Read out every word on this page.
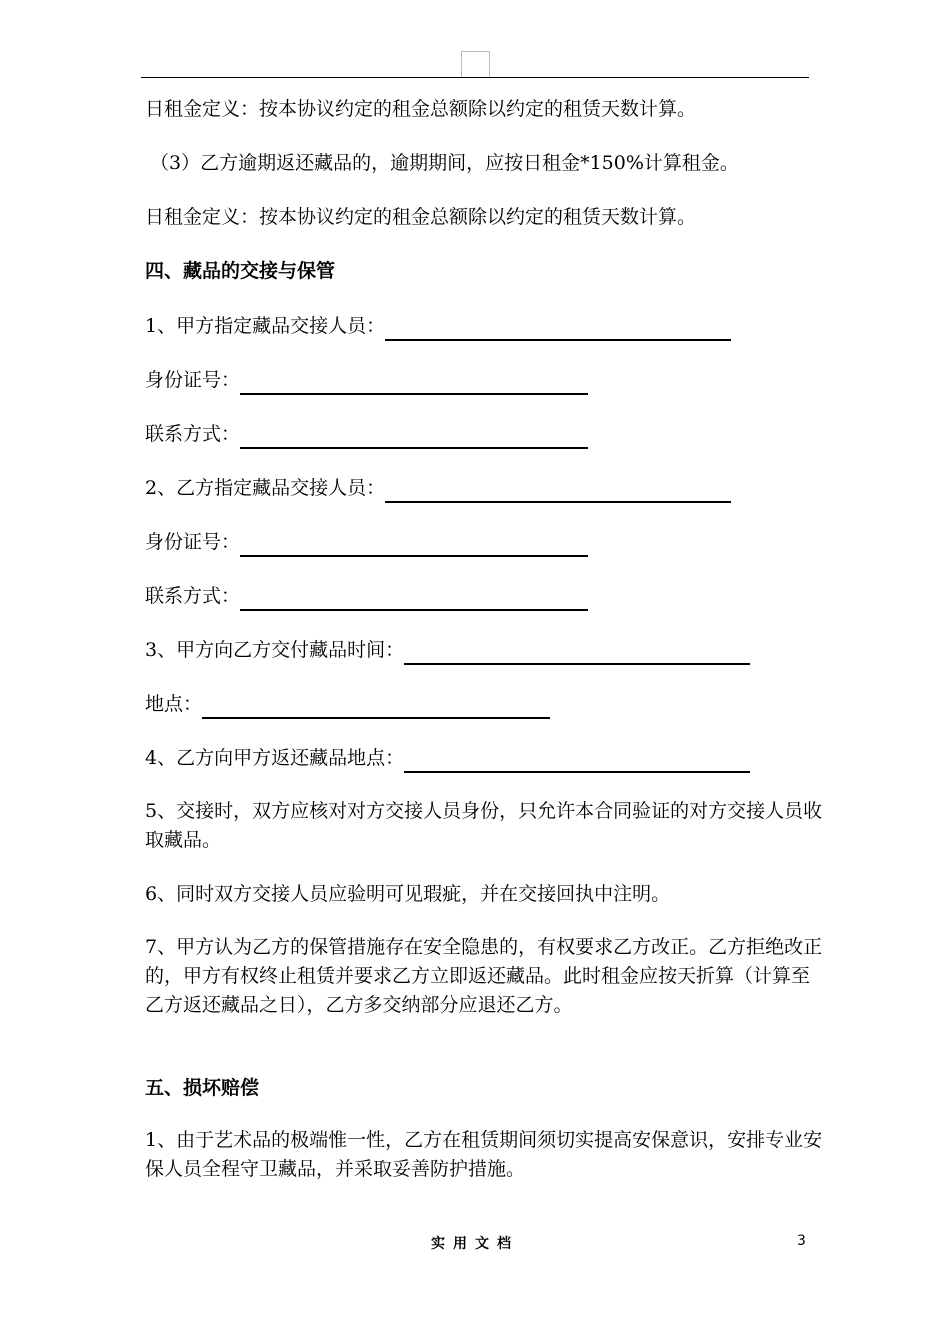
日租金定义：按本协议约定的租金总额除以约定的租赁天数计算。
（3）乙方逾期返还藏品的，逾期期间，应按日租金*150%计算租金。
日租金定义：按本协议约定的租金总额除以约定的租赁天数计算。
四、藏品的交接与保管
1、甲方指定藏品交接人员：
身份证号：
联系方式：
2、乙方指定藏品交接人员：
身份证号：
联系方式：
3、甲方向乙方交付藏品时间：
地点：
4、乙方向甲方返还藏品地点：
5、交接时，双方应核对对方交接人员身份，只允许本合同验证的对方交接人员收取藏品。
6、同时双方交接人员应验明可见瑕疵，并在交接回执中注明。
7、甲方认为乙方的保管措施存在安全隐患的，有权要求乙方改正。乙方拒绝改正的，甲方有权终止租赁并要求乙方立即返还藏品。此时租金应按天折算（计算至乙方返还藏品之日），乙方多交纳部分应退还乙方。
五、损坏赔偿
1、由于艺术品的极端惟一性，乙方在租赁期间须切实提高安保意识，安排专业安保人员全程守卫藏品，并采取妥善防护措施。
实用文档	3
